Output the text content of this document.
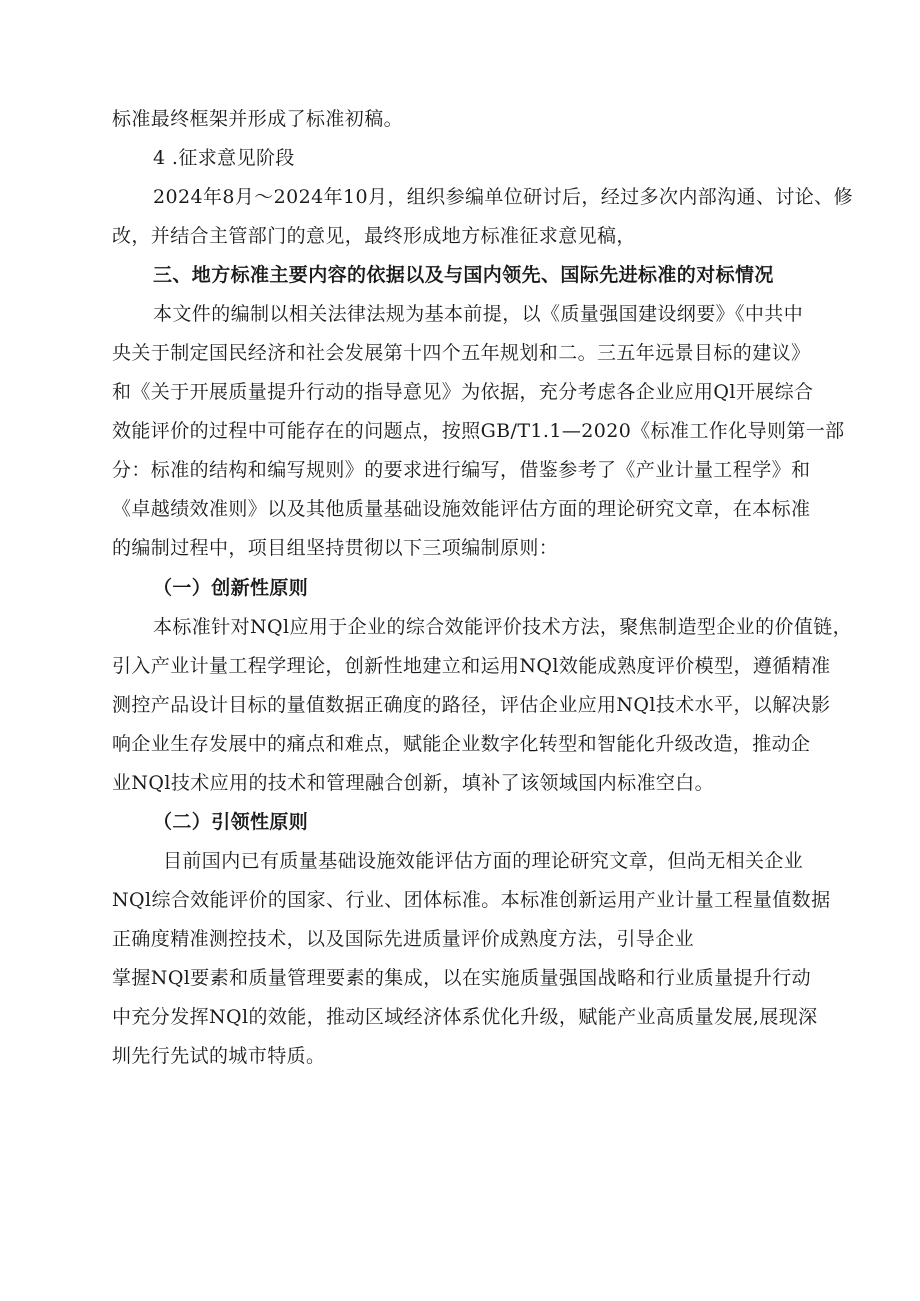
标准最终框架并形成了标准初稿。
4 .征求意见阶段
2024年8月～2024年10月，组织参编单位研讨后，经过多次内部沟通、讨论、修
改，并结合主管部门的意见，最终形成地方标准征求意见稿，
三、地方标准主要内容的依据以及与国内领先、国际先进标准的对标情况
本文件的编制以相关法律法规为基本前提，以《质量强国建设纲要》《中共中
央关于制定国民经济和社会发展第十四个五年规划和二。三五年远景目标的建议》
和《关于开展质量提升行动的指导意见》为依据，充分考虑各企业应用Ql开展综合
效能评价的过程中可能存在的问题点，按照GB/T1.1—2020《标准工作化导则第一部
分：标准的结构和编写规则》的要求进行编写，借鉴参考了《产业计量工程学》和
《卓越绩效准则》以及其他质量基础设施效能评估方面的理论研究文章，在本标准
的编制过程中，项目组坚持贯彻以下三项编制原则：
（一）创新性原则
本标准针对NQl应用于企业的综合效能评价技术方法，聚焦制造型企业的价值链，
引入产业计量工程学理论，创新性地建立和运用NQl效能成熟度评价模型，遵循精准
测控产品设计目标的量值数据正确度的路径，评估企业应用NQl技术水平，以解决影
响企业生存发展中的痛点和难点，赋能企业数字化转型和智能化升级改造，推动企
业NQl技术应用的技术和管理融合创新，填补了该领域国内标准空白。
（二）引领性原则
目前国内已有质量基础设施效能评估方面的理论研究文章，但尚无相关企业
NQl综合效能评价的国家、行业、团体标准。本标准创新运用产业计量工程量值数据
正确度精准测控技术，以及国际先进质量评价成熟度方法，引导企业
掌握NQl要素和质量管理要素的集成，以在实施质量强国战略和行业质量提升行动
中充分发挥NQl的效能，推动区域经济体系优化升级，赋能产业高质量发展,展现深
圳先行先试的城市特质。
